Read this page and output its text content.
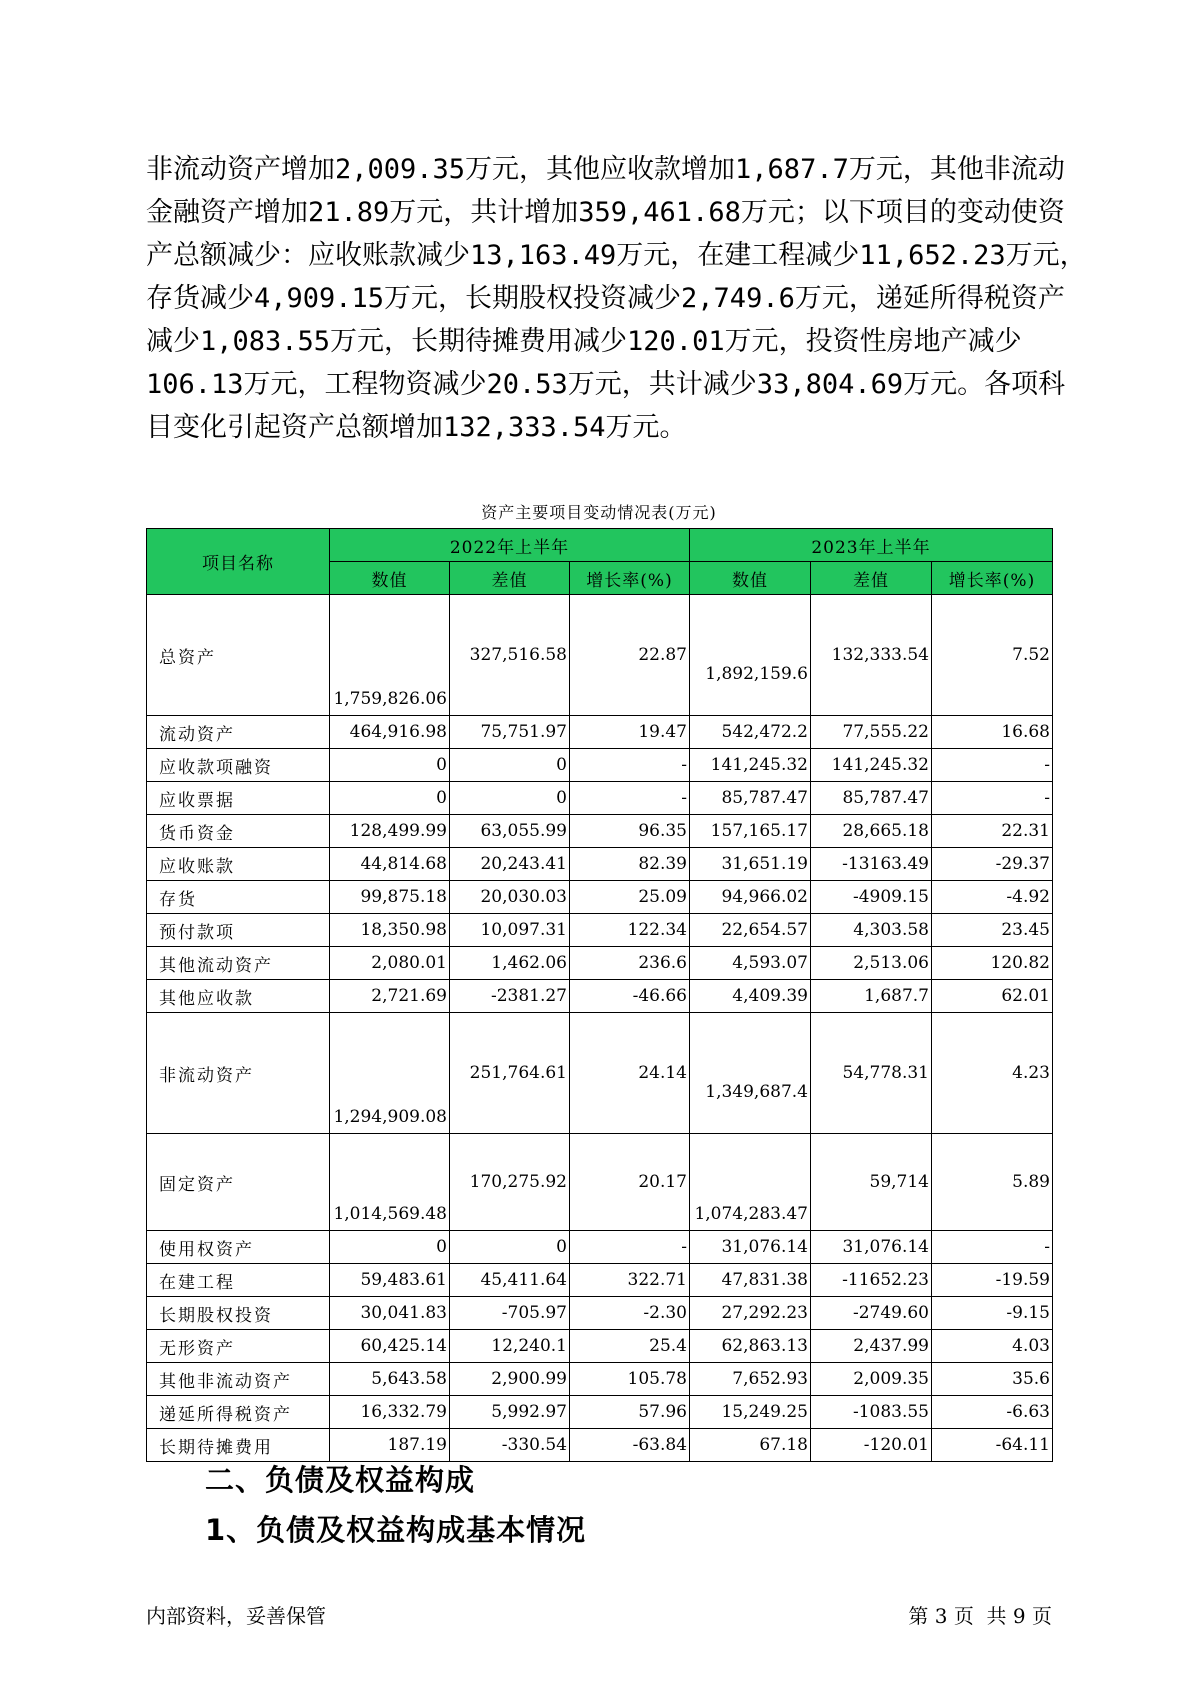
非流动资产增加2,009.35万元，其他应收款增加1,687.7万元，其他非流动
金融资产增加21.89万元，共计增加359,461.68万元；以下项目的变动使资
产总额减少：应收账款减少13,163.49万元，在建工程减少11,652.23万元，
存货减少4,909.15万元，长期股权投资减少2,749.6万元，递延所得税资产
减少1,083.55万元，长期待摊费用减少120.01万元，投资性房地产减少
106.13万元，工程物资减少20.53万元，共计减少33,804.69万元。各项科
目变化引起资产总额增加132,333.54万元。

资产主要项目变动情况表(万元)
项目名称	2022年上半年			2023年上半年		
	数值	差值	增长率(%)	数值	差值	增长率(%)
总资产	1,759,826.06	327,516.58	22.87	1,892,159.6	132,333.54	7.52
流动资产	464,916.98	75,751.97	19.47	542,472.2	77,555.22	16.68
应收款项融资	0	0	-	141,245.32	141,245.32	-
应收票据	0	0	-	85,787.47	85,787.47	-
货币资金	128,499.99	63,055.99	96.35	157,165.17	28,665.18	22.31
应收账款	44,814.68	20,243.41	82.39	31,651.19	-13163.49	-29.37
存货	99,875.18	20,030.03	25.09	94,966.02	-4909.15	-4.92
预付款项	18,350.98	10,097.31	122.34	22,654.57	4,303.58	23.45
其他流动资产	2,080.01	1,462.06	236.6	4,593.07	2,513.06	120.82
其他应收款	2,721.69	-2381.27	-46.66	4,409.39	1,687.7	62.01
非流动资产	1,294,909.08	251,764.61	24.14	1,349,687.4	54,778.31	4.23
固定资产	1,014,569.48	170,275.92	20.17	1,074,283.47	59,714	5.89
使用权资产	0	0	-	31,076.14	31,076.14	-
在建工程	59,483.61	45,411.64	322.71	47,831.38	-11652.23	-19.59
长期股权投资	30,041.83	-705.97	-2.30	27,292.23	-2749.60	-9.15
无形资产	60,425.14	12,240.1	25.4	62,863.13	2,437.99	4.03
其他非流动资产	5,643.58	2,900.99	105.78	7,652.93	2,009.35	35.6
递延所得税资产	16,332.79	5,992.97	57.96	15,249.25	-1083.55	-6.63
长期待摊费用	187.19	-330.54	-63.84	67.18	-120.01	-64.11
二、负债及权益构成
1、负债及权益构成基本情况
内部资料，妥善保管	第 3 页  共 9 页
